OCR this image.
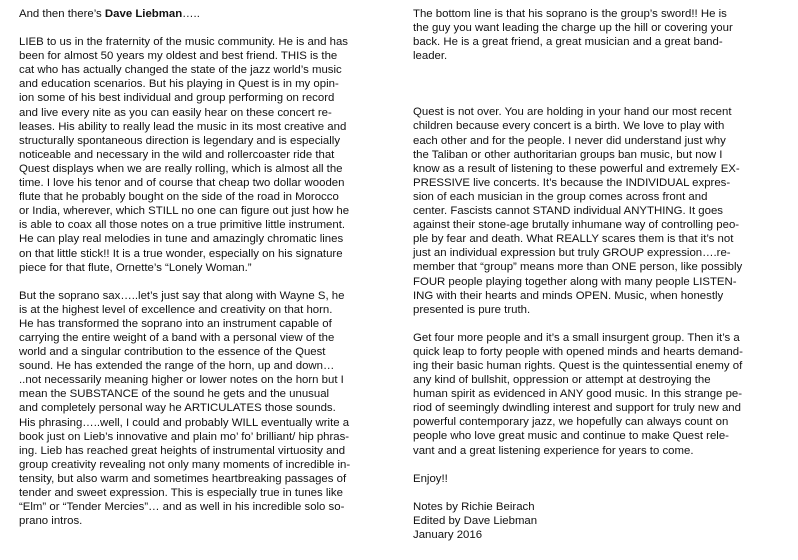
And then there’s Dave Liebman…..

LIEB to us in the fraternity of the music community. He is and has
been for almost 50 years my oldest and best friend. THIS is the
cat who has actually changed the state of the jazz world’s music
and education scenarios. But his playing in Quest is in my opin-
ion some of his best individual and group performing on record
and live every nite as you can easily hear on these concert re-
leases. His ability to really lead the music in its most creative and
structurally spontaneous direction is legendary and is especially
noticeable and necessary in the wild and rollercoaster ride that
Quest displays when we are really rolling, which is almost all the
time. I love his tenor and of course that cheap two dollar wooden
flute that he probably bought on the side of the road in Morocco
or India, wherever, which STILL no one can figure out just how he
is able to coax all those notes on a true primitive little instrument.
He can play real melodies in tune and amazingly chromatic lines
on that little stick!! It is a true wonder, especially on his signature
piece for that flute, Ornette’s “Lonely Woman.”

But the soprano sax…..let’s just say that along with Wayne S, he
is at the highest level of excellence and creativity on that horn.
He has transformed the soprano into an instrument capable of
carrying the entire weight of a band with a personal view of the
world and a singular contribution to the essence of the Quest
sound. He has extended the range of the horn, up and down…
..not necessarily meaning higher or lower notes on the horn but I
mean the SUBSTANCE of the sound he gets and the unusual
and completely personal way he ARTICULATES those sounds.
His phrasing…..well, I could and probably WILL eventually write a
book just on Lieb’s innovative and plain mo’ fo’ brilliant/ hip phras-
ing. Lieb has reached great heights of instrumental virtuosity and
group creativity revealing not only many moments of incredible in-
tensity, but also warm and sometimes heartbreaking passages of
tender and sweet expression. This is especially true in tunes like
“Elm” or “Tender Mercies”… and as well in his incredible solo so-
prano intros.

The bottom line is that his soprano is the group’s sword!! He is
the guy you want leading the charge up the hill or covering your
back. He is a great friend, a great musician and a great band-
leader.

Quest is not over. You are holding in your hand our most recent
children because every concert is a birth. We love to play with
each other and for the people. I never did understand just why
the Taliban or other authoritarian groups ban music, but now I
know as a result of listening to these powerful and extremely EX-
PRESSIVE live concerts. It’s because the INDIVIDUAL expres-
sion of each musician in the group comes across front and
center. Fascists cannot STAND individual ANYTHING. It goes
against their stone-age brutally inhumane way of controlling peo-
ple by fear and death. What REALLY scares them is that it’s not
just an individual expression but truly GROUP expression….re-
member that “group” means more than ONE person, like possibly
FOUR people playing together along with many people LISTEN-
ING with their hearts and minds OPEN. Music, when honestly
presented is pure truth.

Get four more people and it’s a small insurgent group. Then it’s a
quick leap to forty people with opened minds and hearts demand-
ing their basic human rights. Quest is the quintessential enemy of
any kind of bullshit, oppression or attempt at destroying the
human spirit as evidenced in ANY good music. In this strange pe-
riod of seemingly dwindling interest and support for truly new and
powerful contemporary jazz, we hopefully can always count on
people who love great music and continue to make Quest rele-
vant and a great listening experience for years to come.

Enjoy!!

Notes by Richie Beirach

Edited by Dave Liebman

January 2016
